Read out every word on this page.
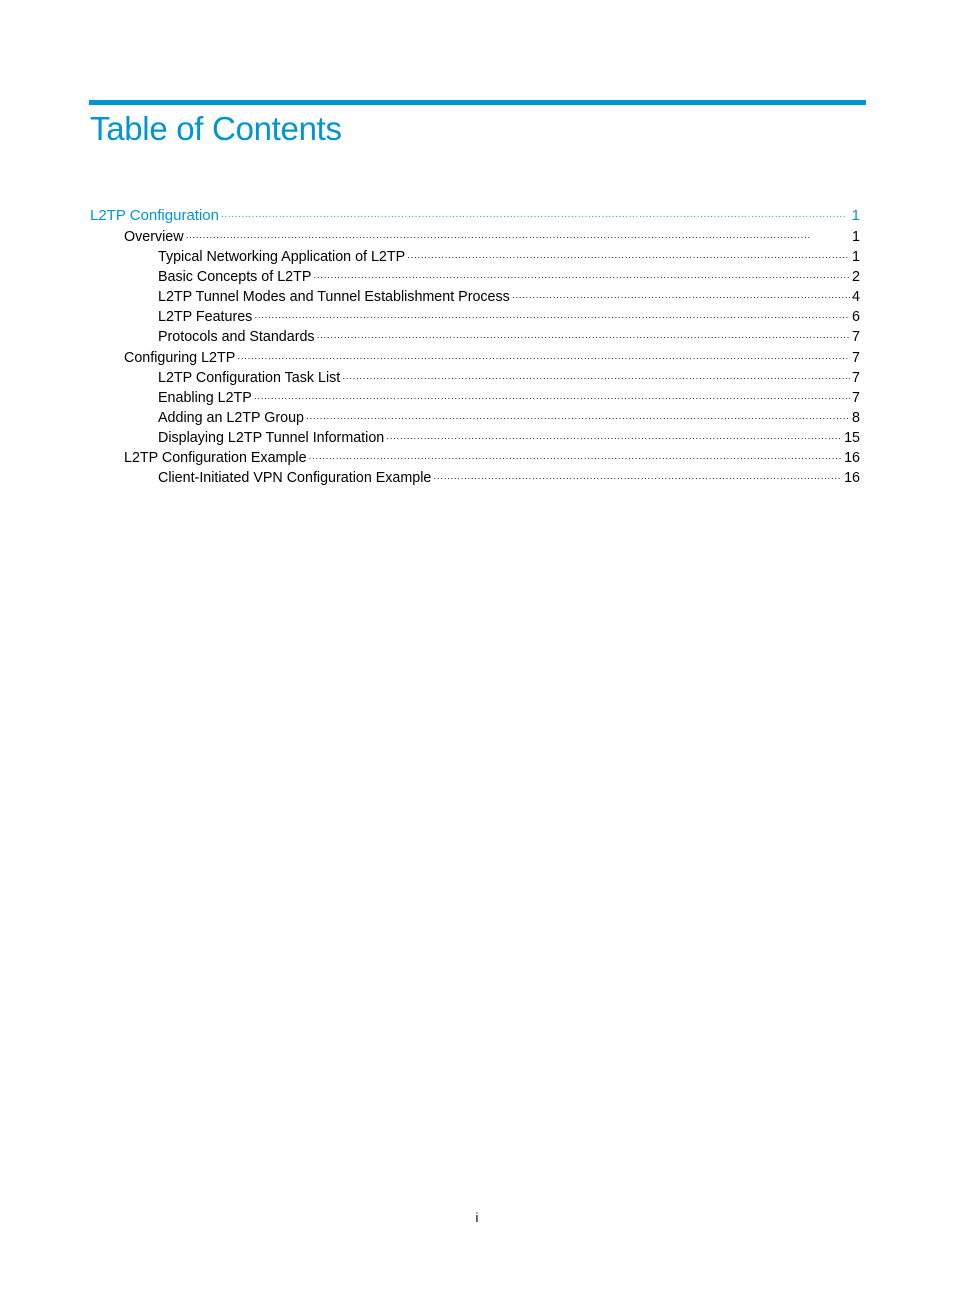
Table of Contents
L2TP Configuration ·····	1
Overview ·····	1
Typical Networking Application of L2TP ·····	1
Basic Concepts of L2TP ·····	2
L2TP Tunnel Modes and Tunnel Establishment Process ·····	4
L2TP Features ·····	6
Protocols and Standards ·····	7
Configuring L2TP ·····	7
L2TP Configuration Task List ·····	7
Enabling L2TP ·····	7
Adding an L2TP Group ·····	8
Displaying L2TP Tunnel Information ·····	15
L2TP Configuration Example ·····	16
Client-Initiated VPN Configuration Example ·····	16
i
